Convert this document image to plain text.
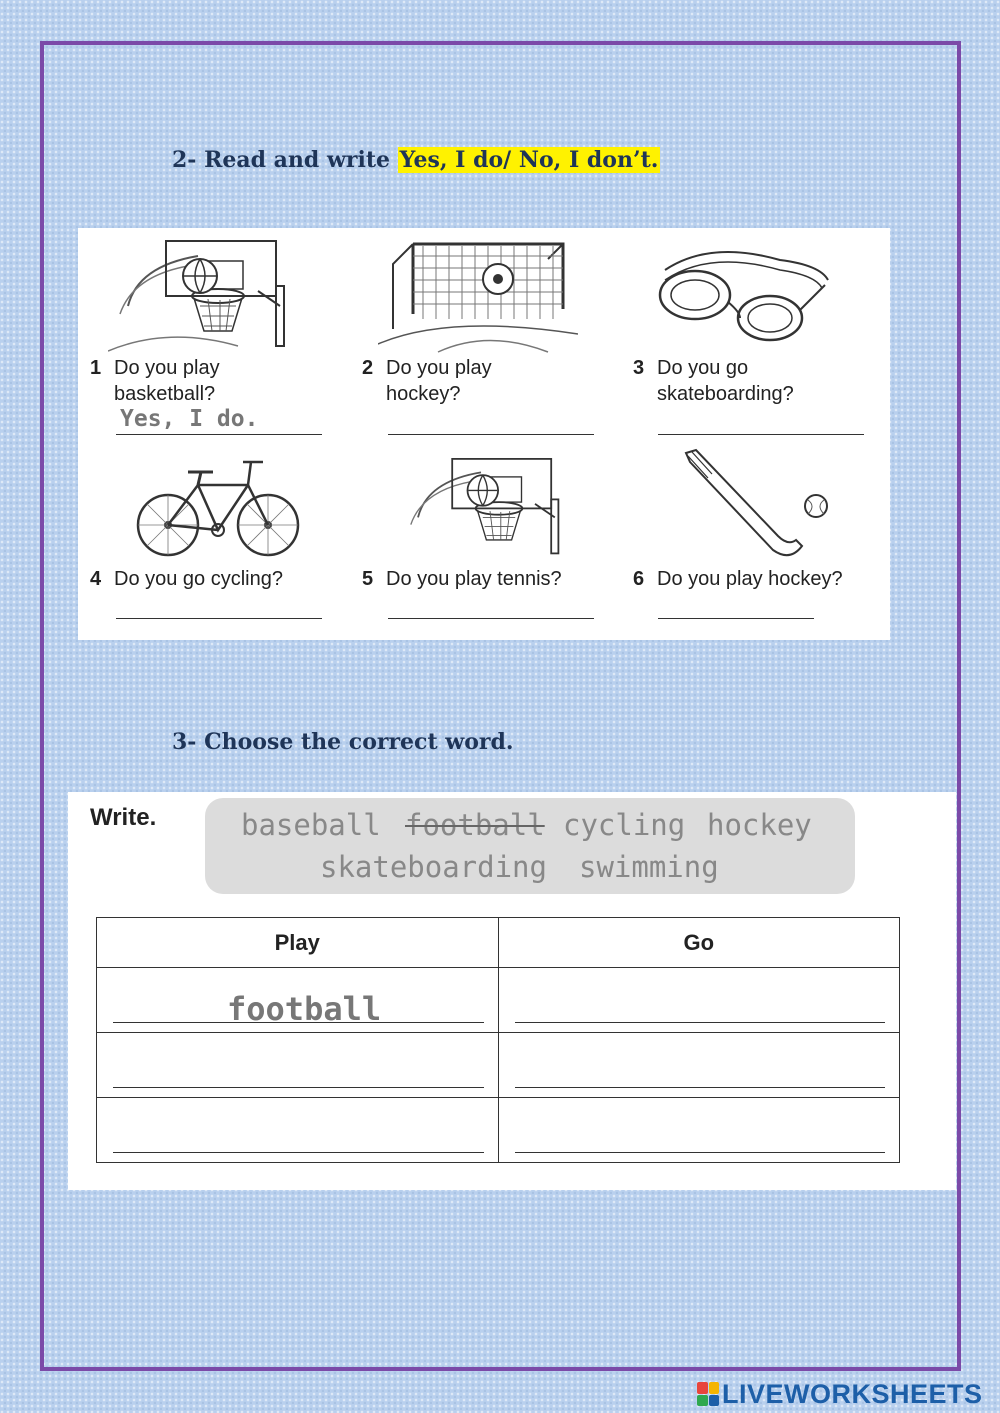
2- Read and write Yes, I do/ No, I don’t.
1 Do you play
basketball?
Yes, I do.
2 Do you play
hockey?
3 Do you go
skateboarding?
4 Do you go cycling?	5 Do you play tennis?	6 Do you play hockey?
3- Choose the correct word.
Write.	baseball football cycling hockey
skateboarding swimming
Play	Go

football	

LIVEWORKSHEETS
